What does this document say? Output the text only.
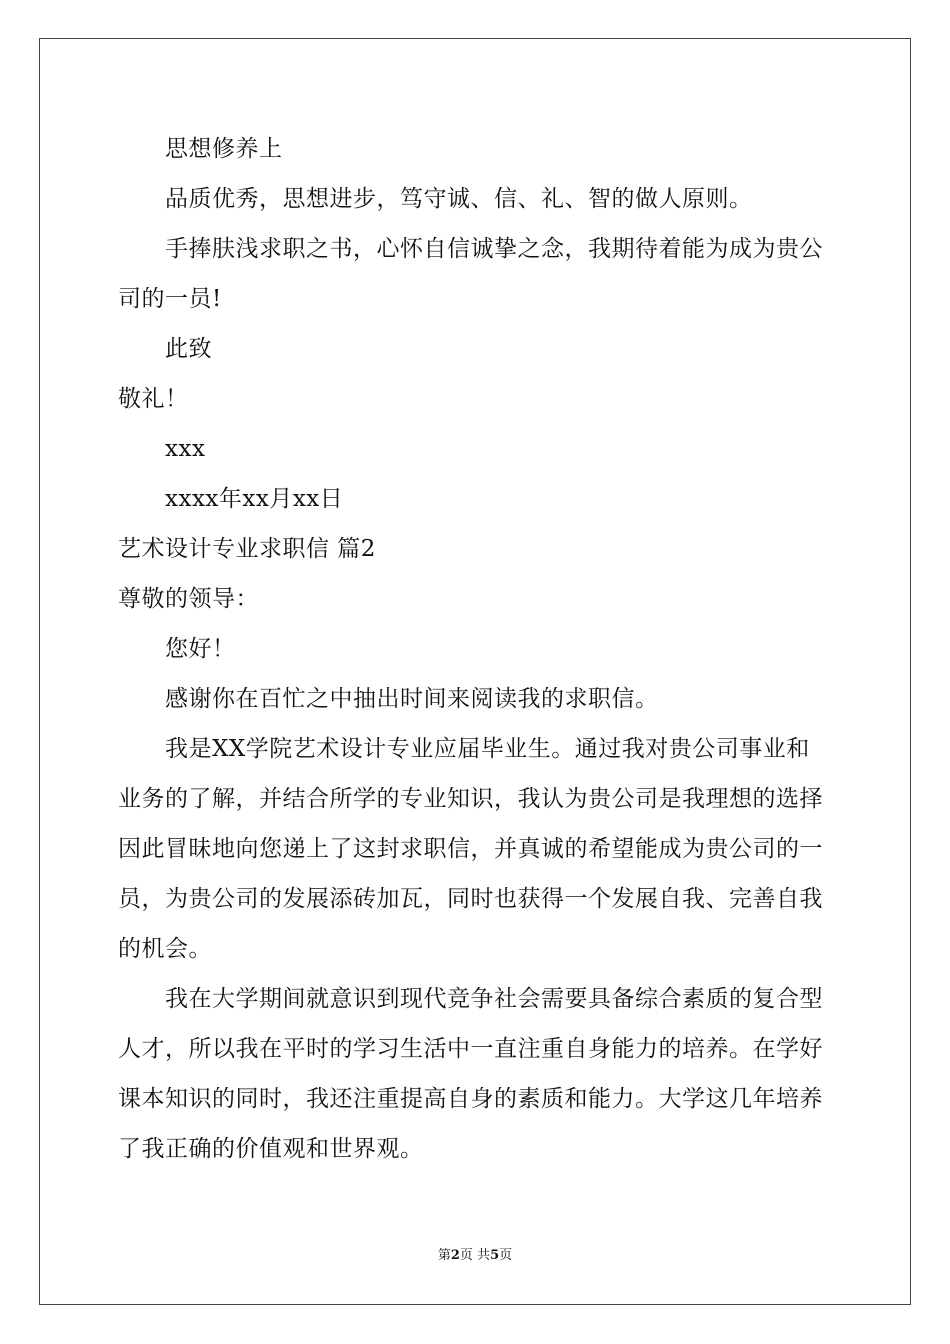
思想修养上
品质优秀，思想进步，笃守诚、信、礼、智的做人原则。
手捧肤浅求职之书，心怀自信诚挚之念，我期待着能为成为贵公
司的一员!
此致
敬礼！
xxx
xxxx年xx月xx日
艺术设计专业求职信 篇2
尊敬的领导：
您好！
感谢你在百忙之中抽出时间来阅读我的求职信。
我是XX学院艺术设计专业应届毕业生。通过我对贵公司事业和
业务的了解，并结合所学的专业知识，我认为贵公司是我理想的选择
因此冒昧地向您递上了这封求职信，并真诚的希望能成为贵公司的一
员，为贵公司的发展添砖加瓦，同时也获得一个发展自我、完善自我
的机会。
我在大学期间就意识到现代竞争社会需要具备综合素质的复合型
人才，所以我在平时的学习生活中一直注重自身能力的培养。在学好
课本知识的同时，我还注重提高自身的素质和能力。大学这几年培养
了我正确的价值观和世界观。
第2页 共5页
